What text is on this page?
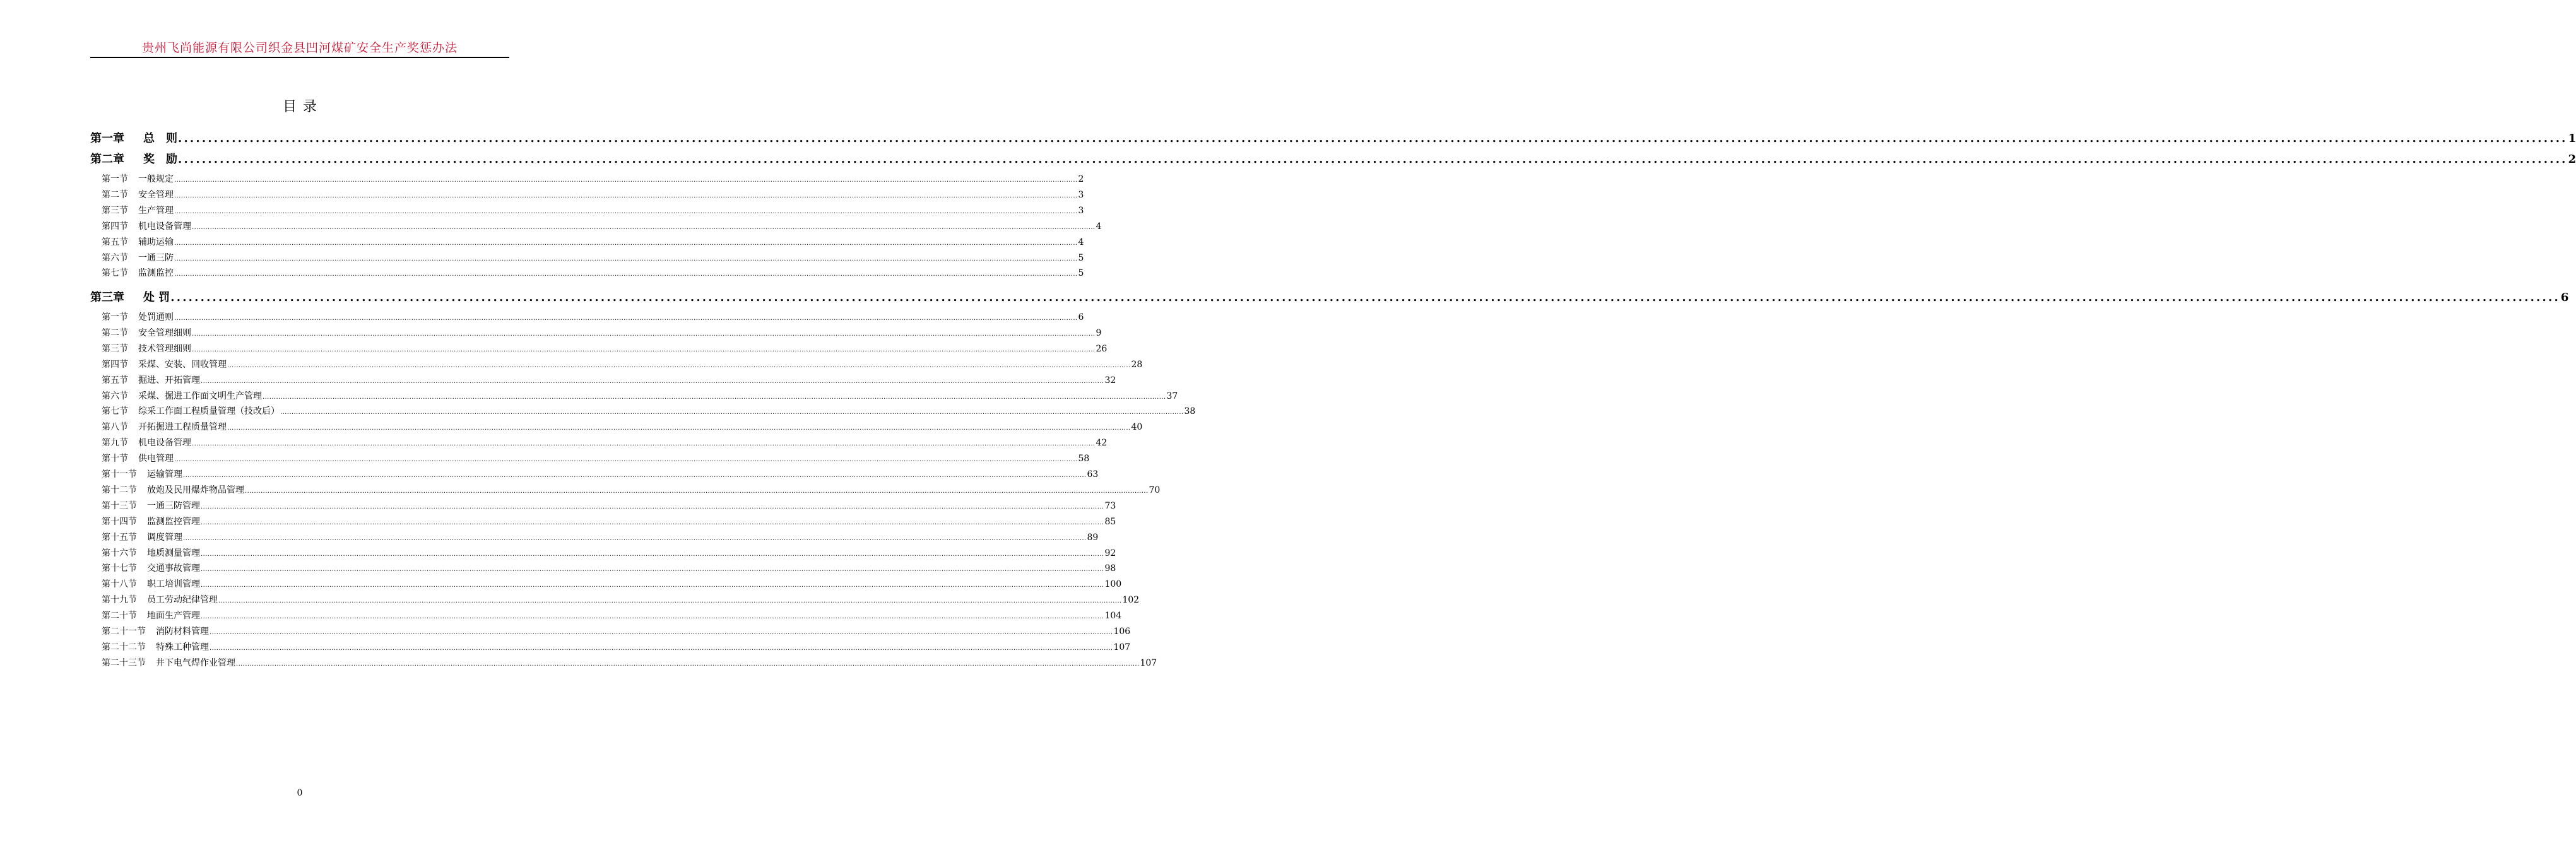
贵州飞尚能源有限公司织金县凹河煤矿安全生产奖惩办法
目录
第一章 总　则 ................................................................................................................................................................................................................................................................................................................................................................................................................ 1
第二章 奖　励 ................................................................................................................................................................................................................................................................................................................................................................................................................ 2
第一节 一般规定 ................................................................................................................................................................................................................................................................................................................................................................................................................ 2
第二节 安全管理 ................................................................................................................................................................................................................................................................................................................................................................................................................ 3
第三节 生产管理 ................................................................................................................................................................................................................................................................................................................................................................................................................ 3
第四节 机电设备管理 ................................................................................................................................................................................................................................................................................................................................................................................................................ 4
第五节 辅助运输 ................................................................................................................................................................................................................................................................................................................................................................................................................ 4
第六节 一通三防 ................................................................................................................................................................................................................................................................................................................................................................................................................ 5
第七节 监测监控 ................................................................................................................................................................................................................................................................................................................................................................................................................ 5
第三章 处 罚 ................................................................................................................................................................................................................................................................................................................................................................................................................ 6
第一节 处罚通则 ................................................................................................................................................................................................................................................................................................................................................................................................................ 6
第二节 安全管理细则 ................................................................................................................................................................................................................................................................................................................................................................................................................ 9
第三节 技术管理细则 ................................................................................................................................................................................................................................................................................................................................................................................................................ 26
第四节 采煤、安装、回收管理 ................................................................................................................................................................................................................................................................................................................................................................................................................ 28
第五节 掘进、开拓管理 ................................................................................................................................................................................................................................................................................................................................................................................................................ 32
第六节 采煤、掘进工作面文明生产管理 ................................................................................................................................................................................................................................................................................................................................................................................................................ 37
第七节 综采工作面工程质量管理（技改后） ................................................................................................................................................................................................................................................................................................................................................................................................................ 38
第八节 开拓掘进工程质量管理 ................................................................................................................................................................................................................................................................................................................................................................................................................ 40
第九节 机电设备管理 ................................................................................................................................................................................................................................................................................................................................................................................................................ 42
第十节 供电管理 ................................................................................................................................................................................................................................................................................................................................................................................................................ 58
第十一节 运输管理 ................................................................................................................................................................................................................................................................................................................................................................................................................ 63
第十二节 放炮及民用爆炸物品管理 ................................................................................................................................................................................................................................................................................................................................................................................................................ 70
第十三节 一通三防管理 ................................................................................................................................................................................................................................................................................................................................................................................................................ 73
第十四节 监测监控管理 ................................................................................................................................................................................................................................................................................................................................................................................................................ 85
第十五节 调度管理 ................................................................................................................................................................................................................................................................................................................................................................................................................ 89
第十六节 地质测量管理 ................................................................................................................................................................................................................................................................................................................................................................................................................ 92
第十七节 交通事故管理 ................................................................................................................................................................................................................................................................................................................................................................................................................ 98
第十八节 职工培训管理 ................................................................................................................................................................................................................................................................................................................................................................................................................ 100
第十九节 员工劳动纪律管理 ................................................................................................................................................................................................................................................................................................................................................................................................................ 102
第二十节 地面生产管理 ................................................................................................................................................................................................................................................................................................................................................................................................................ 104
第二十一节 消防材料管理 ................................................................................................................................................................................................................................................................................................................................................................................................................ 106
第二十二节 特殊工种管理 ................................................................................................................................................................................................................................................................................................................................................................................................................ 107
第二十三节 井下电气焊作业管理 ................................................................................................................................................................................................................................................................................................................................................................................................................ 107
0
